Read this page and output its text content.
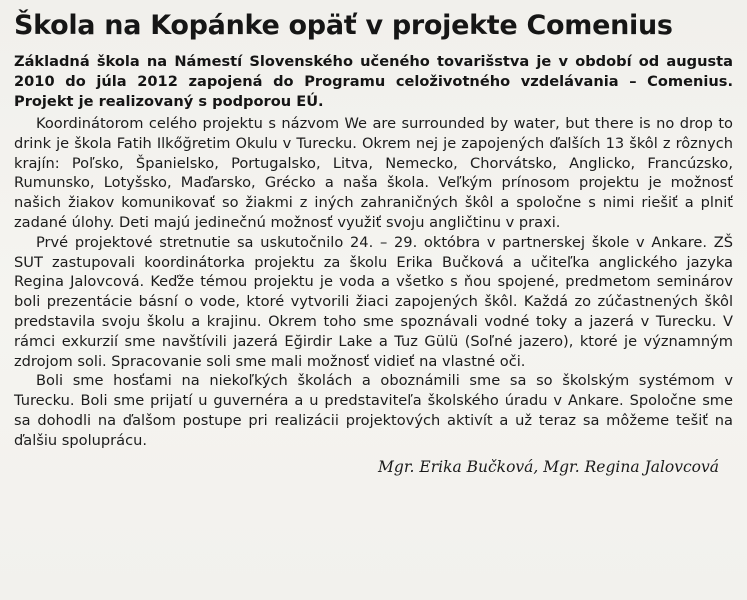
Škola na Kopánke opäť v projekte Comenius

Základná škola na Námestí Slovenského učeného tovarišstva je v období od augusta 2010 do júla 2012 zapojená do Programu celoživotného vzdelávania – Comenius. Projekt je realizovaný s podporou EÚ.

Koordinátorom celého projektu s názvom We are surrounded by water, but there is no drop to drink je škola Fatih Ilkőğretim Okulu v Turecku. Okrem nej je zapojených ďalších 13 škôl z rôznych krajín: Poľsko, Španielsko, Portugalsko, Litva, Nemecko, Chorvátsko, Anglicko, Francúzsko, Rumunsko, Lotyšsko, Maďarsko, Grécko a naša škola. Veľkým prínosom projektu je možnosť našich žiakov komunikovať so žiakmi z iných zahraničných škôl a spoločne s nimi riešiť a plniť zadané úlohy. Deti majú jedinečnú možnosť využiť svoju angličtinu v praxi.

Prvé projektové stretnutie sa uskutočnilo 24. – 29. októbra v partnerskej škole v Ankare. ZŠ SUT zastupovali koordinátorka projektu za školu Erika Bučková a učiteľka anglického jazyka Regina Jalovcová. Keďže témou projektu je voda a všetko s ňou spojené, predmetom seminárov boli prezentácie básní o vode, ktoré vytvorili žiaci zapojených škôl. Každá zo zúčastnených škôl predstavila svoju školu a krajinu. Okrem toho sme spoznávali vodné toky a jazerá v Turecku. V rámci exkurzií sme navštívili jazerá Eğirdir Lake a Tuz Gülü (Soľné jazero), ktoré je významným zdrojom soli. Spracovanie soli sme mali možnosť vidieť na vlastné oči.

Boli sme hosťami na niekoľkých školách a oboznámili sme sa so školským systémom v Turecku. Boli sme prijatí u guvernéra a u predstaviteľa školského úradu v Ankare. Spoločne sme sa dohodli na ďalšom postupe pri realizácii projektových aktivít a už teraz sa môžeme tešiť na ďalšiu spoluprácu.

Mgr. Erika Bučková, Mgr. Regina Jalovcová
